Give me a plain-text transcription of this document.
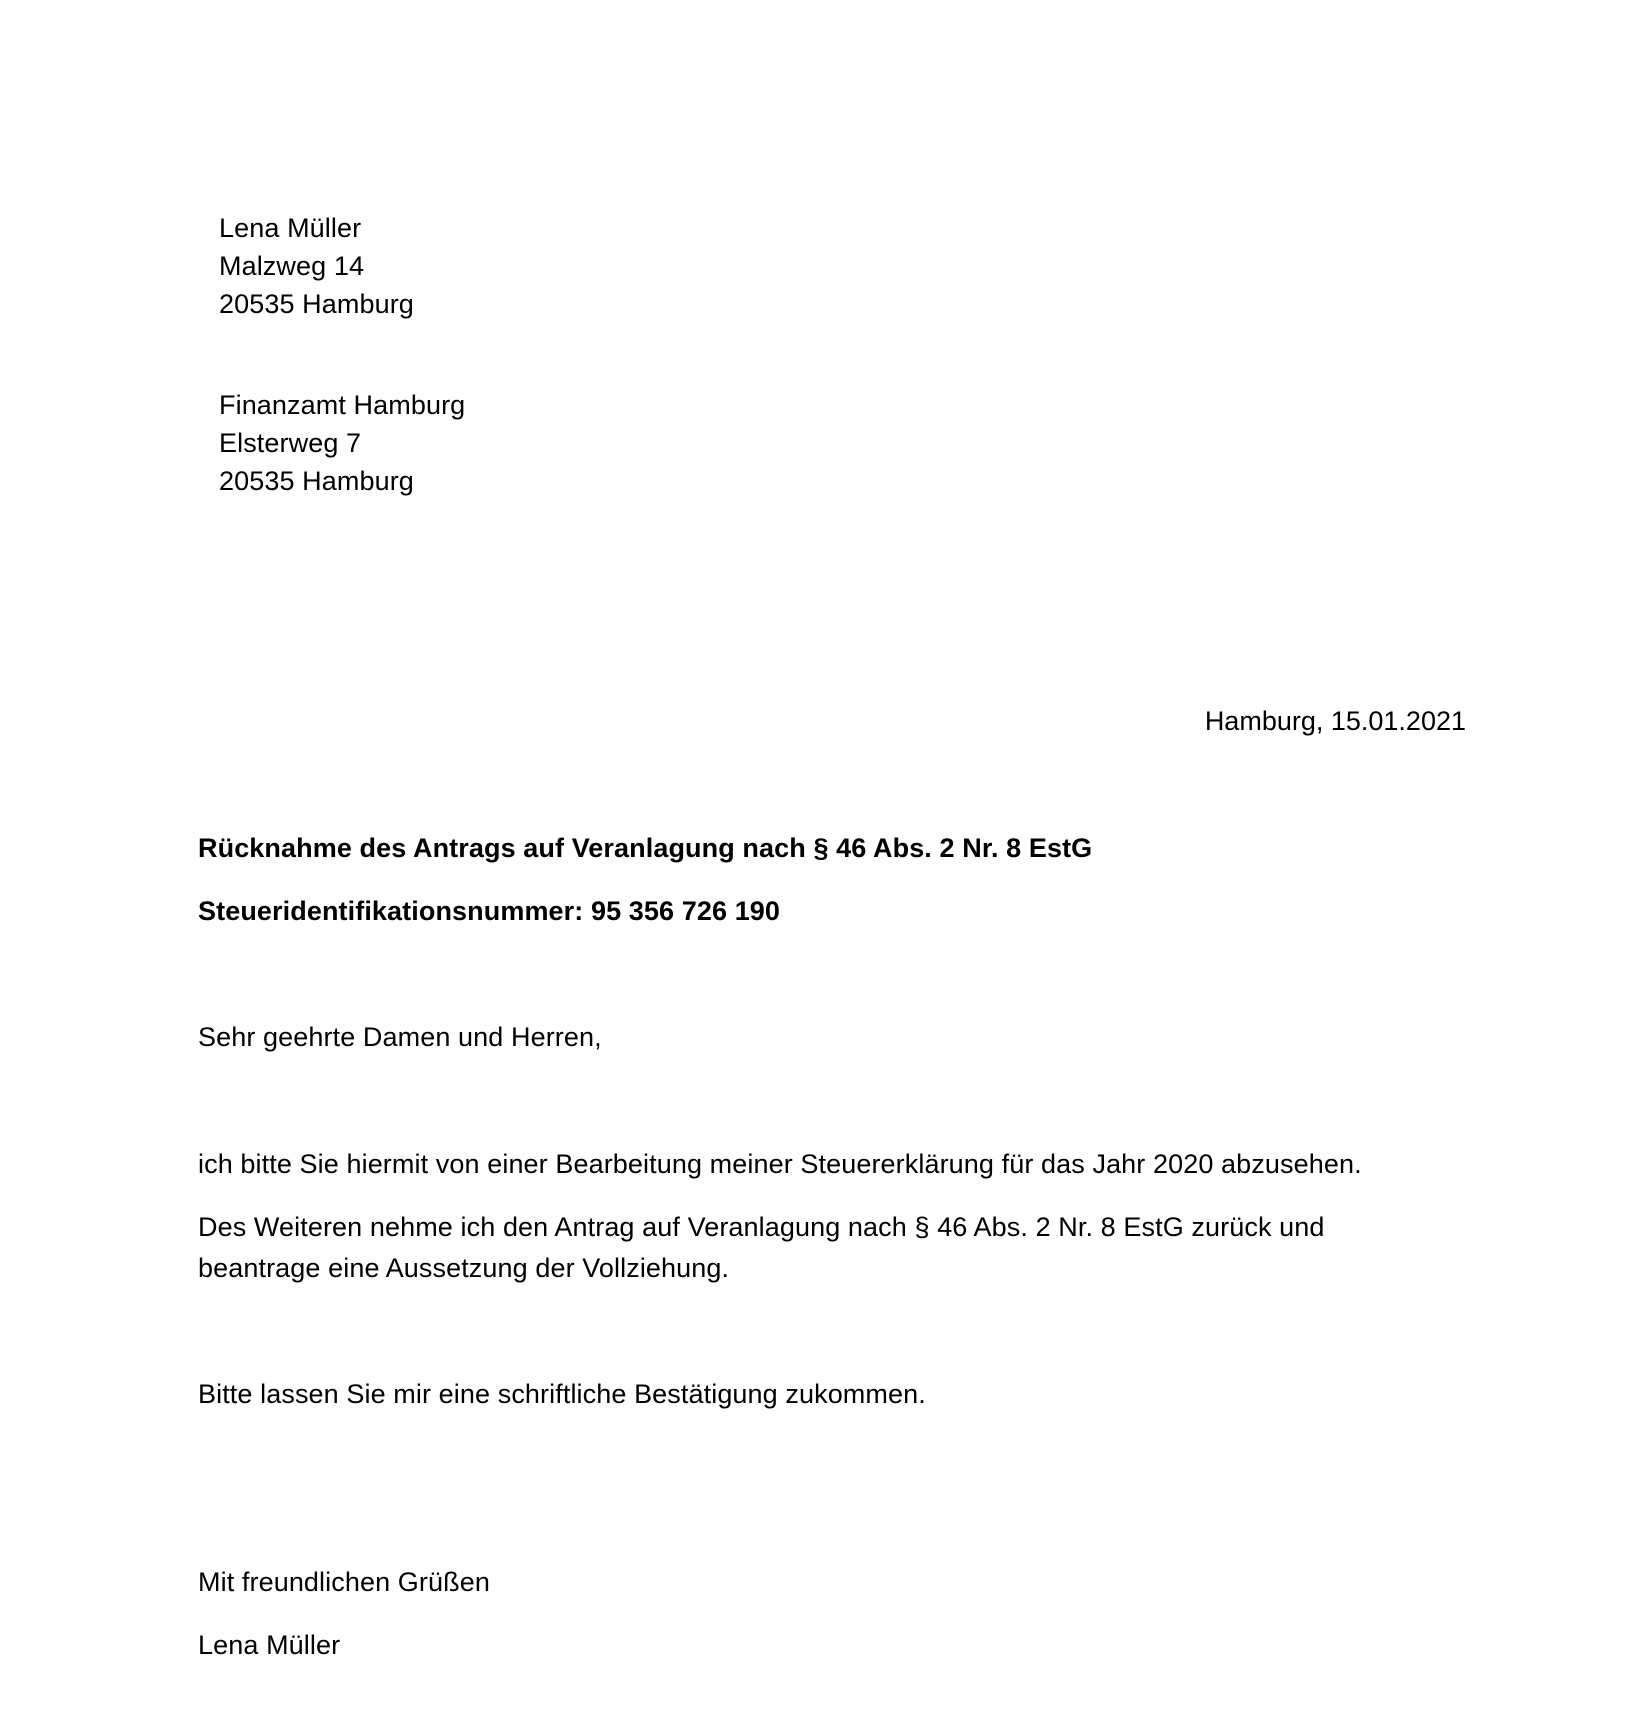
Lena Müller
Malzweg 14
20535 Hamburg
Finanzamt Hamburg
Elsterweg 7
20535 Hamburg
Hamburg, 15.01.2021
Rücknahme des Antrags auf Veranlagung nach § 46 Abs. 2 Nr. 8 EstG
Steueridentifikationsnummer: 95 356 726 190
Sehr geehrte Damen und Herren,
ich bitte Sie hiermit von einer Bearbeitung meiner Steuererklärung für das Jahr 2020 abzusehen.
Des Weiteren nehme ich den Antrag auf Veranlagung nach § 46 Abs. 2 Nr. 8 EstG zurück und
beantrage eine Aussetzung der Vollziehung.
Bitte lassen Sie mir eine schriftliche Bestätigung zukommen.
Mit freundlichen Grüßen
Lena Müller
